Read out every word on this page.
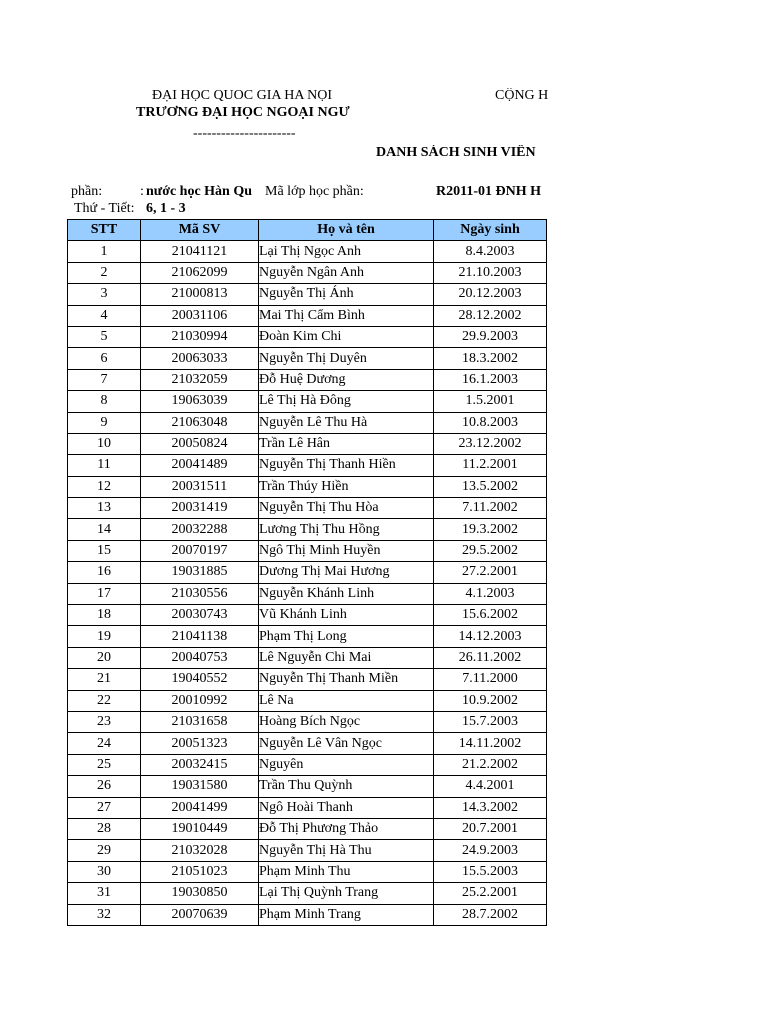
ĐẠI HỌC QUOC GIA HA NỌI
TRƯƠNG ĐẠI HỌC NGOẠI NGƯ
----------------------
CỘNG H
DANH SÁCH SINH VIÊN
phần:	: nước học Hàn Qu Mã lớp học phần:	R2011-01 ĐNH H
Thứ - Tiết: 6, 1 - 3
STT	Mã SV	Họ và tên	Ngày sinh
1	21041121	Lại Thị Ngọc Anh	8.4.2003
2	21062099	Nguyễn Ngân Anh	21.10.2003
3	21000813	Nguyễn Thị Ánh	20.12.2003
4	20031106	Mai Thị Cẩm Bình	28.12.2002
5	21030994	Đoàn Kim Chi	29.9.2003
6	20063033	Nguyễn Thị Duyên	18.3.2002
7	21032059	Đỗ Huệ Dương	16.1.2003
8	19063039	Lê Thị Hà Đông	1.5.2001
9	21063048	Nguyễn Lê Thu Hà	10.8.2003
10	20050824	Trần Lê Hân	23.12.2002
11	20041489	Nguyễn Thị Thanh Hiền	11.2.2001
12	20031511	Trần Thúy Hiền	13.5.2002
13	20031419	Nguyễn Thị Thu Hòa	7.11.2002
14	20032288	Lương Thị Thu Hồng	19.3.2002
15	20070197	Ngô Thị Minh Huyền	29.5.2002
16	19031885	Dương Thị Mai Hương	27.2.2001
17	21030556	Nguyễn Khánh Linh	4.1.2003
18	20030743	Vũ Khánh Linh	15.6.2002
19	21041138	Phạm Thị Long	14.12.2003
20	20040753	Lê Nguyễn Chi Mai	26.11.2002
21	19040552	Nguyễn Thị Thanh Miền	7.11.2000
22	20010992	Lê Na	10.9.2002
23	21031658	Hoàng Bích Ngọc	15.7.2003
24	20051323	Nguyễn Lê Vân Ngọc	14.11.2002
25	20032415	Nguyên	21.2.2002
26	19031580	Trần Thu Quỳnh	4.4.2001
27	20041499	Ngô Hoài Thanh	14.3.2002
28	19010449	Đỗ Thị Phương Thảo	20.7.2001
29	21032028	Nguyễn Thị Hà Thu	24.9.2003
30	21051023	Phạm Minh Thu	15.5.2003
31	19030850	Lại Thị Quỳnh Trang	25.2.2001
32	20070639	Phạm Minh Trang	28.7.2002
